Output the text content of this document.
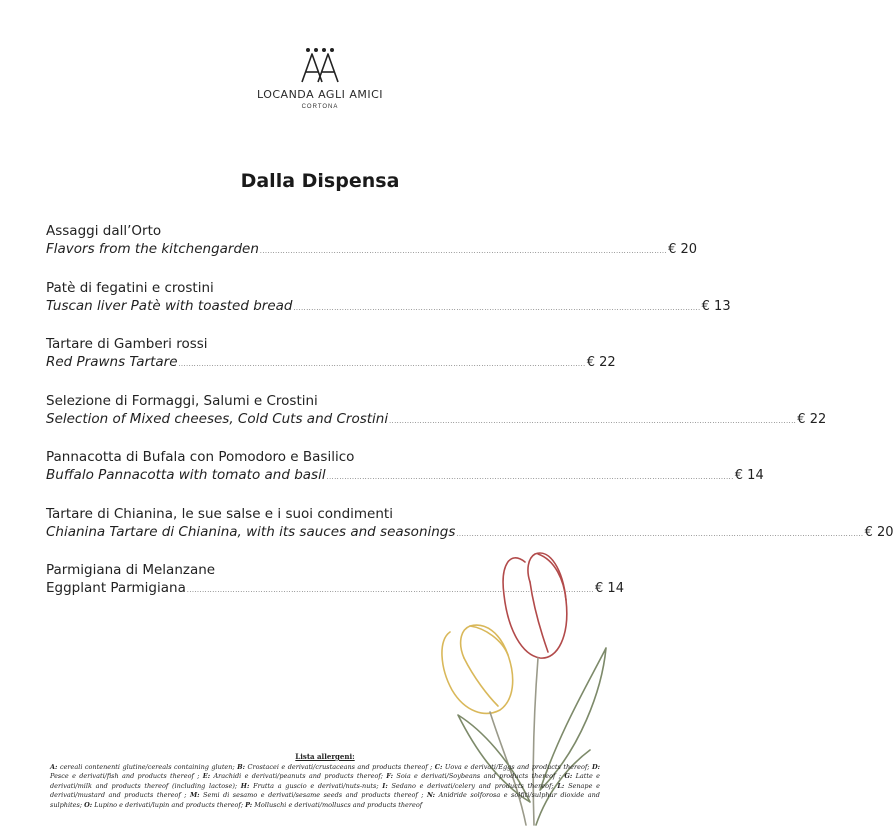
LOCANDA AGLI AMICI
CORTONA
Dalla Dispensa
Assaggi dall’Orto
Flavors from the kitchengarden ................................................................................................................................................................ € 20
Patè di fegatini e crostini
Tuscan liver Patè with toasted bread ................................................................................................................................................................ € 13
Tartare di Gamberi rossi
Red Prawns Tartare ................................................................................................................................................................ € 22
Selezione di Formaggi, Salumi e Crostini
Selection of Mixed cheeses, Cold Cuts and Crostini ................................................................................................................................................................ € 22
Pannacotta di Bufala con Pomodoro e Basilico
Buffalo Pannacotta with tomato and basil ................................................................................................................................................................ € 14
Tartare di Chianina, le sue salse e i suoi condimenti
Chianina Tartare di Chianina, with its sauces and seasonings ................................................................................................................................................................ € 20
Parmigiana di Melanzane
Eggplant Parmigiana ................................................................................................................................................................ € 14
Lista allergeni:
A: cereali contenenti glutine/cereals containing gluten; B: Crostacei e derivati/crustaceans and products thereof ; C: Uova e derivati/Eggs and products thereof; D: Pesce e derivati/fish and products thereof ; E: Arachidi e derivati/peanuts and products thereof; F: Soia e derivati/Soybeans and products thereof ; G: Latte e derivati/milk and products thereof (including lactose); H: Frutta a guscio e derivati/nuts-nuts; I: Sedano e derivati/celery and products thereof; L: Senape e derivati/mustard and products thereof ; M: Semi di sesamo e derivati/sesame seeds and products thereof ; N: Anidride solforosa e solfiti/sulphur dioxide and sulphites; O: Lupino e derivati/lupin and products thereof; P: Molluschi e derivati/molluscs and products thereof
